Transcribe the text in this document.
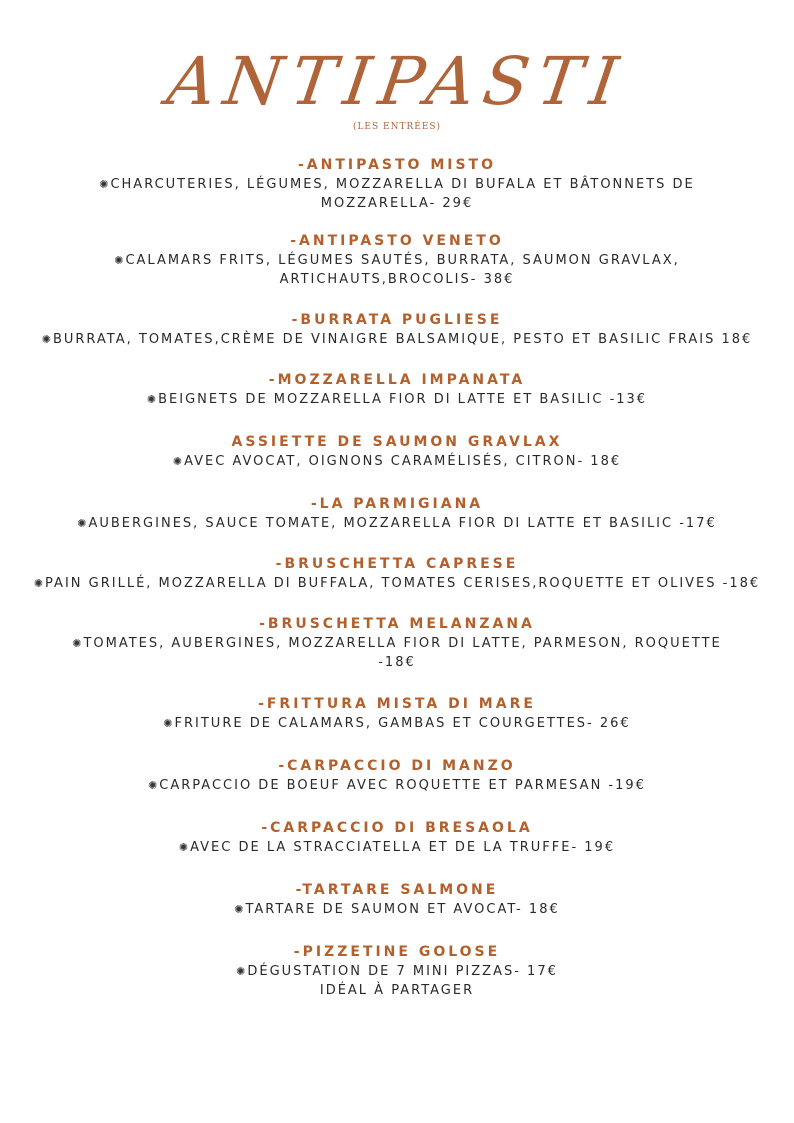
ANTIPASTI
(LES ENTRÉES)
-ANTIPASTO MISTO
✺CHARCUTERIES, LÉGUMES, MOZZARELLA DI BUFALA ET BÂTONNETS DE MOZZARELLA- 29€
-ANTIPASTO VENETO
✺CALAMARS FRITS, LÉGUMES SAUTÉS, BURRATA, SAUMON GRAVLAX, ARTICHAUTS,BROCOLIS- 38€
-BURRATA PUGLIESE
✺BURRATA, TOMATES,CRÈME DE VINAIGRE BALSAMIQUE, PESTO ET BASILIC FRAIS 18€
-MOZZARELLA IMPANATA
✺BEIGNETS DE MOZZARELLA FIOR DI LATTE ET BASILIC -13€
ASSIETTE DE SAUMON GRAVLAX
✺AVEC AVOCAT, OIGNONS CARAMÉLISÉS, CITRON- 18€
-LA PARMIGIANA
✺AUBERGINES, SAUCE TOMATE, MOZZARELLA FIOR DI LATTE ET BASILIC -17€
-BRUSCHETTA CAPRESE
✺PAIN GRILLÉ, MOZZARELLA DI BUFFALA, TOMATES CERISES,ROQUETTE ET OLIVES -18€
-BRUSCHETTA MELANZANA
✺TOMATES, AUBERGINES, MOZZARELLA FIOR DI LATTE, PARMESON, ROQUETTE -18€
-FRITTURA MISTA DI MARE
✺FRITURE DE CALAMARS, GAMBAS ET COURGETTES- 26€
-CARPACCIO DI MANZO
✺CARPACCIO DE BOEUF AVEC ROQUETTE ET PARMESAN -19€
-CARPACCIO DI BRESAOLA
✺AVEC DE LA STRACCIATELLA ET DE LA TRUFFE- 19€
-TARTARE SALMONE
✺TARTARE DE SAUMON ET AVOCAT- 18€
-PIZZETINE GOLOSE
✺DÉGUSTATION DE 7 MINI PIZZAS- 17€
IDÉAL À PARTAGER
